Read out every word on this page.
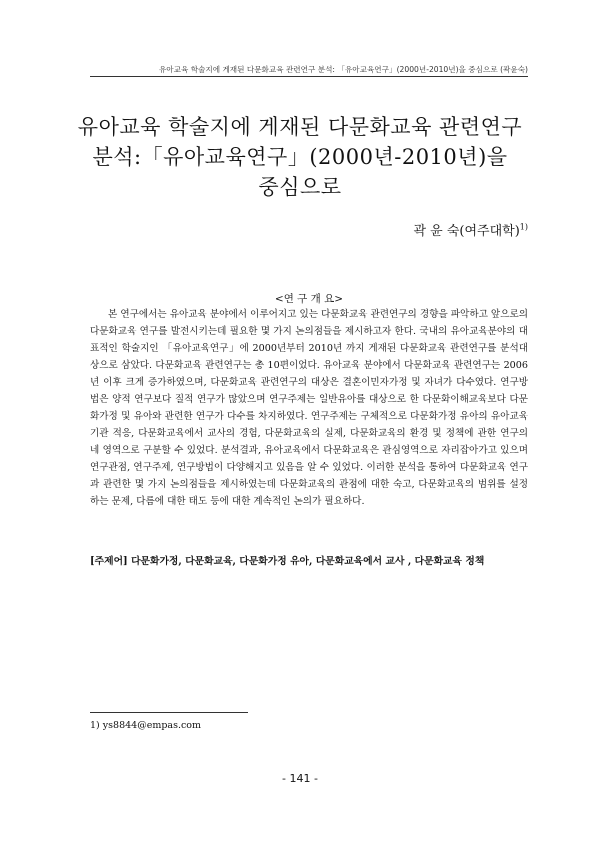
유아교육 학술지에 게재된 다문화교육 관련연구 분석: 「유아교육연구」(2000년-2010년)을 중심으로 (곽윤숙)
유아교육 학술지에 게재된 다문화교육 관련연구
분석:「유아교육연구」(2000년-2010년)을
중심으로
곽 윤 숙(여주대학)$^{1)}$
<연 구 개 요>

본 연구에서는 유아교육 분야에서 이루어지고 있는 다문화교육 관련연구의 경향을 파악하고 앞으로의 다문화교육 연구를 발전시키는데 필요한 몇 가지 논의점들을 제시하고자 한다. 국내의 유아교육분야의 대표적인 학술지인 「유아교육연구」에 2000년부터 2010년 까지 게재된 다문화교육 관련연구를 분석대상으로 삼았다. 다문화교육 관련연구는 총 10편이었다. 유아교육 분야에서 다문화교육 관련연구는 2006년 이후 크게 증가하였으며, 다문화교육 관련연구의 대상은 결혼이민자가정 및 자녀가 다수였다. 연구방법은 양적 연구보다 질적 연구가 많았으며 연구주제는 일반유아를 대상으로 한 다문화이해교육보다 다문화가정 및 유아와 관련한 연구가 다수를 차지하였다. 연구주제는 구체적으로 다문화가정 유아의 유아교육기관 적응, 다문화교육에서 교사의 경험, 다문화교육의 실제, 다문화교육의 환경 및 정책에 관한 연구의 네 영역으로 구분할 수 있었다. 분석결과, 유아교육에서 다문화교육은 관심영역으로 자리잡아가고 있으며 연구관점, 연구주제, 연구방법이 다양해지고 있음을 알 수 있었다. 이러한 분석을 통하여 다문화교육 연구과 관련한 몇 가지 논의점들을 제시하였는데 다문화교육의 관점에 대한 숙고, 다문화교육의 범위를 설정하는 문제, 다름에 대한 태도 등에 대한 계속적인 논의가 필요하다.

[주제어] 다문화가정, 다문화교육, 다문화가정 유아, 다문화교육에서 교사 , 다문화교육 정책
1) ys8844@empas.com
- 141 -
